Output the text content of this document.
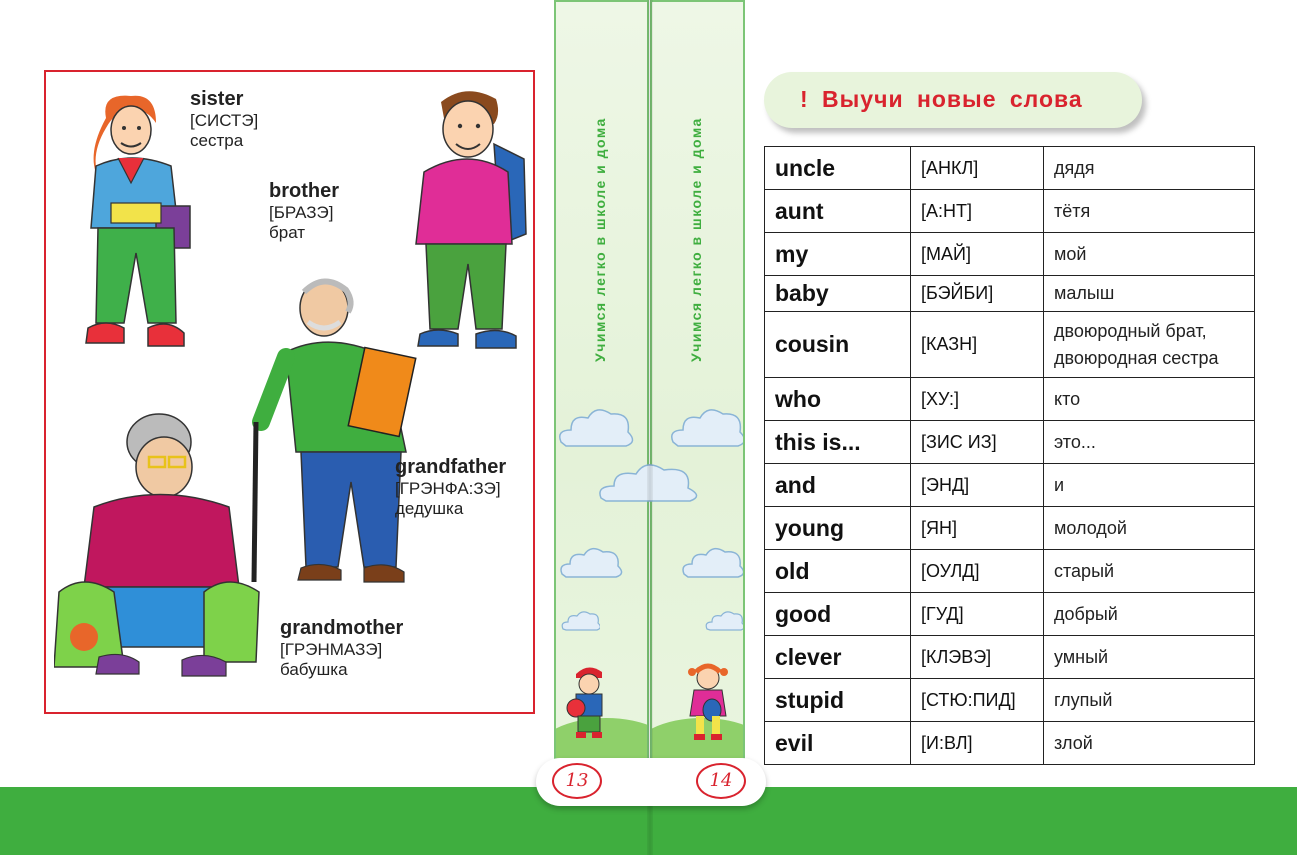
sister
[СИСТЭ]
сестра
brother
[БРАЗЭ]
брат
grandfather
[ГРЭНФА:ЗЭ]
дедушка
grandmother
[ГРЭНМАЗЭ]
бабушка
Учимся легко в школе и дома	Учимся легко в школе и дома
13	14
! Выучи новые слова
uncle	[АНКЛ]	дядя
aunt	[А:НТ]	тётя
my	[МАЙ]	мой
baby	[БЭЙБИ]	малыш
cousin	[КАЗН]	двоюродный брат, двоюродная сестра
who	[ХУ:]	кто
this is...	[ЗИС ИЗ]	это...
and	[ЭНД]	и
young	[ЯН]	молодой
old	[ОУЛД]	старый
good	[ГУД]	добрый
clever	[КЛЭВЭ]	умный
stupid	[СТЮ:ПИД]	глупый
evil	[И:ВЛ]	злой
